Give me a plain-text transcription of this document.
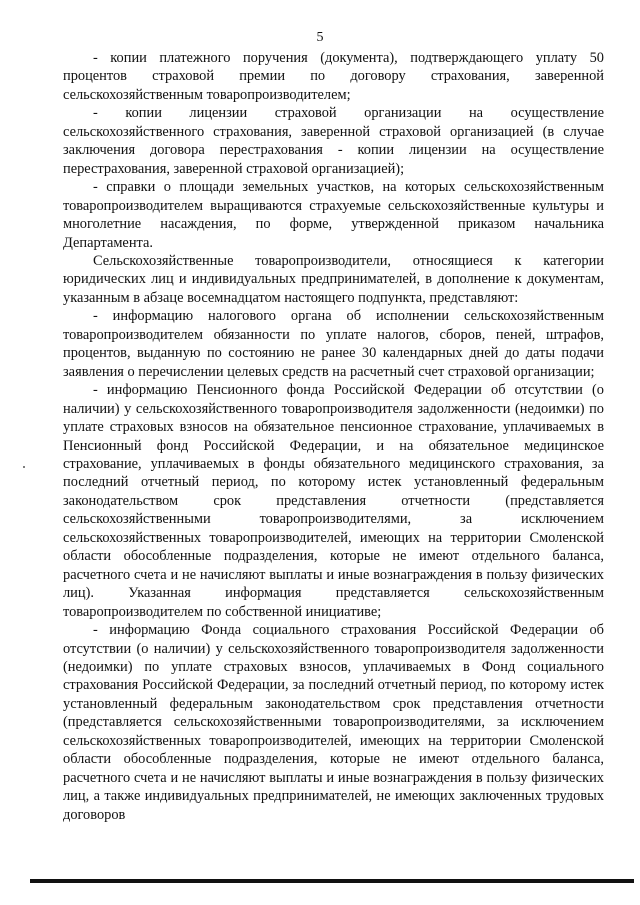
5

- копии платежного поручения (документа), подтверждающего уплату 50 процентов страховой премии по договору страхования, заверенной сельскохозяйственным товаропроизводителем;

- копии лицензии страховой организации на осуществление сельскохозяйственного страхования, заверенной страховой организацией (в случае заключения договора перестрахования - копии лицензии на осуществление перестрахования, заверенной страховой организацией);

- справки о площади земельных участков, на которых сельскохозяйственным товаропроизводителем выращиваются страхуемые сельскохозяйственные культуры и многолетние насаждения, по форме, утвержденной приказом начальника Департамента.

Сельскохозяйственные товаропроизводители, относящиеся к категории юридических лиц и индивидуальных предпринимателей, в дополнение к документам, указанным в абзаце восемнадцатом настоящего подпункта, представляют:

- информацию налогового органа об исполнении сельскохозяйственным товаропроизводителем обязанности по уплате налогов, сборов, пеней, штрафов, процентов, выданную по состоянию не ранее 30 календарных дней до даты подачи заявления о перечислении целевых средств на расчетный счет страховой организации;

- информацию Пенсионного фонда Российской Федерации об отсутствии (о наличии) у сельскохозяйственного товаропроизводителя задолженности (недоимки) по уплате страховых взносов на обязательное пенсионное страхование, уплачиваемых в Пенсионный фонд Российской Федерации, и на обязательное медицинское страхование, уплачиваемых в фонды обязательного медицинского страхования, за последний отчетный период, по которому истек установленный федеральным законодательством срок представления отчетности (представляется сельскохозяйственными товаропроизводителями, за исключением сельскохозяйственных товаропроизводителей, имеющих на территории Смоленской области обособленные подразделения, которые не имеют отдельного баланса, расчетного счета и не начисляют выплаты и иные вознаграждения в пользу физических лиц). Указанная информация представляется сельскохозяйственным товаропроизводителем по собственной инициативе;

- информацию Фонда социального страхования Российской Федерации об отсутствии (о наличии) у сельскохозяйственного товаропроизводителя задолженности (недоимки) по уплате страховых взносов, уплачиваемых в Фонд социального страхования Российской Федерации, за последний отчетный период, по которому истек установленный федеральным законодательством срок представления отчетности (представляется сельскохозяйственными товаропроизводителями, за исключением сельскохозяйственных товаропроизводителей, имеющих на территории Смоленской области обособленные подразделения, которые не имеют отдельного баланса, расчетного счета и не начисляют выплаты и иные вознаграждения в пользу физических лиц, а также индивидуальных предпринимателей, не имеющих заключенных трудовых договоров
